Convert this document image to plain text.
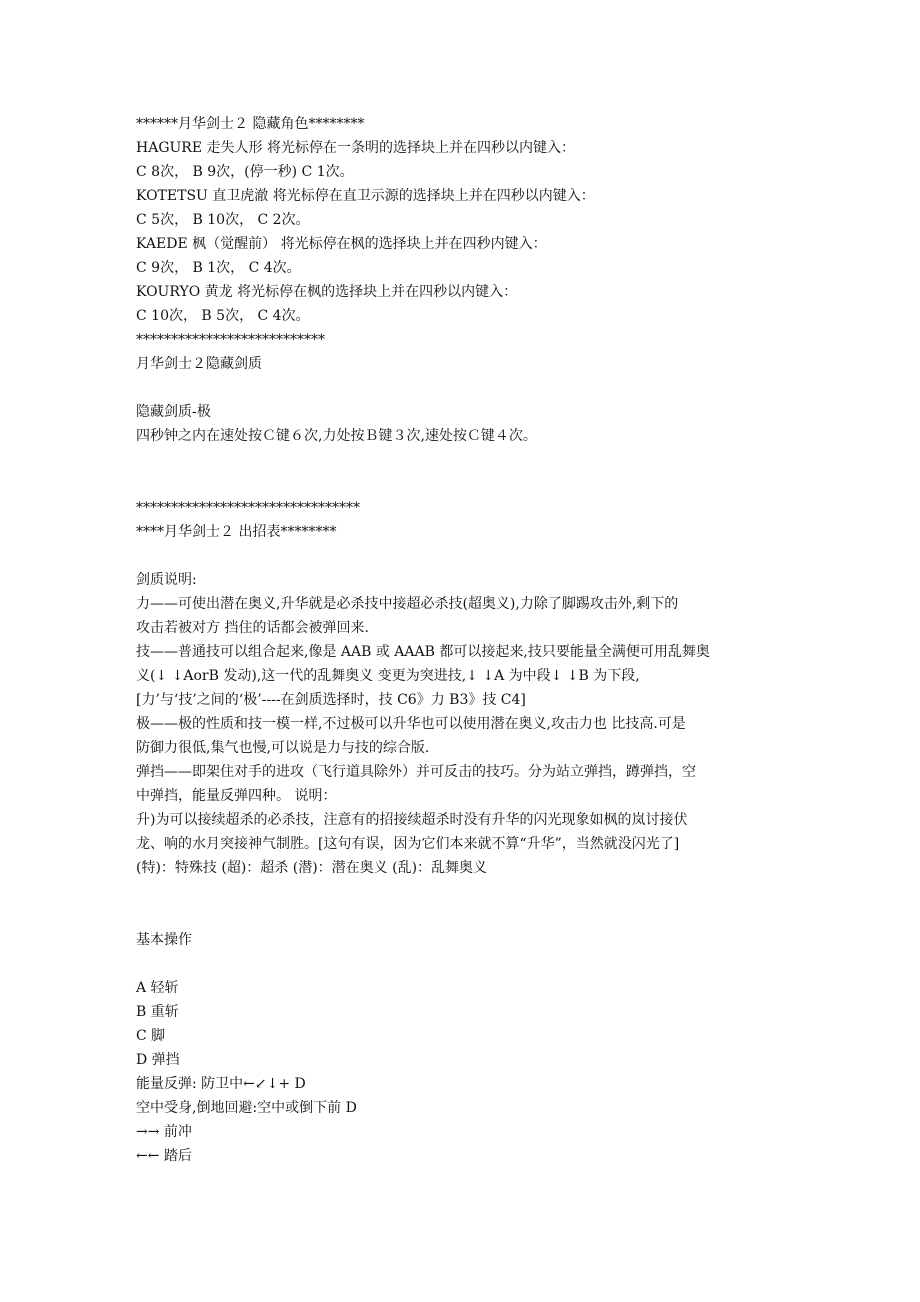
******月华剑士２ 隐藏角色********
HAGURE 走失人形 将光标停在一条明的选择块上并在四秒以内键入：
C 8次， B 9次，(停一秒) C 1次。
KOTETSU 直卫虎澈 将光标停在直卫示源的选择块上并在四秒以内键入：
C 5次， B 10次， C 2次。
KAEDE 枫（觉醒前） 将光标停在枫的选择块上并在四秒内键入：
C 9次， B 1次， C 4次。
KOURYO 黄龙 将光标停在枫的选择块上并在四秒以内键入：
C 10次， B 5次， C 4次。
***************************
月华剑士２隐藏剑质
隐藏剑质-极
四秒钟之内在速处按Ｃ键６次,力处按Ｂ键３次,速处按Ｃ键４次。
********************************
****月华剑士２ 出招表********
剑质说明:
力——可使出潜在奥义,升华就是必杀技中接超必杀技(超奥义),力除了脚踢攻击外,剩下的
攻击若被对方 挡住的话都会被弹回来.
技——普通技可以组合起来,像是 AAB 或 AAAB 都可以接起来,技只要能量全满便可用乱舞奥
义(↓ ↓AorB 发动),这一代的乱舞奥义 变更为突进技,↓ ↓A 为中段↓ ↓B 为下段,
[力’与‘技’之间的‘极’----在剑质选择时，技 C6》力 B3》技 C4]
极——极的性质和技一模一样,不过极可以升华也可以使用潜在奥义,攻击力也 比技高.可是
防御力很低,集气也慢,可以说是力与技的综合版.
弹挡——即架住对手的进攻（飞行道具除外）并可反击的技巧。分为站立弹挡，蹲弹挡，空
中弹挡，能量反弹四种。 说明：
升)为可以接续超杀的必杀技，注意有的招接续超杀时没有升华的闪光现象如枫的岚讨接伏
龙、响的水月突接神气制胜。[这句有误，因为它们本来就不算“升华”，当然就没闪光了]
(特)：特殊技 (超)：超杀 (潜)：潜在奥义 (乱)：乱舞奥义
基本操作
A 轻斩
B 重斩
C 脚
D 弹挡
能量反弹: 防卫中←↙↓+ D
空中受身,倒地回避:空中或倒下前 D
→→ 前冲
←← 踏后
